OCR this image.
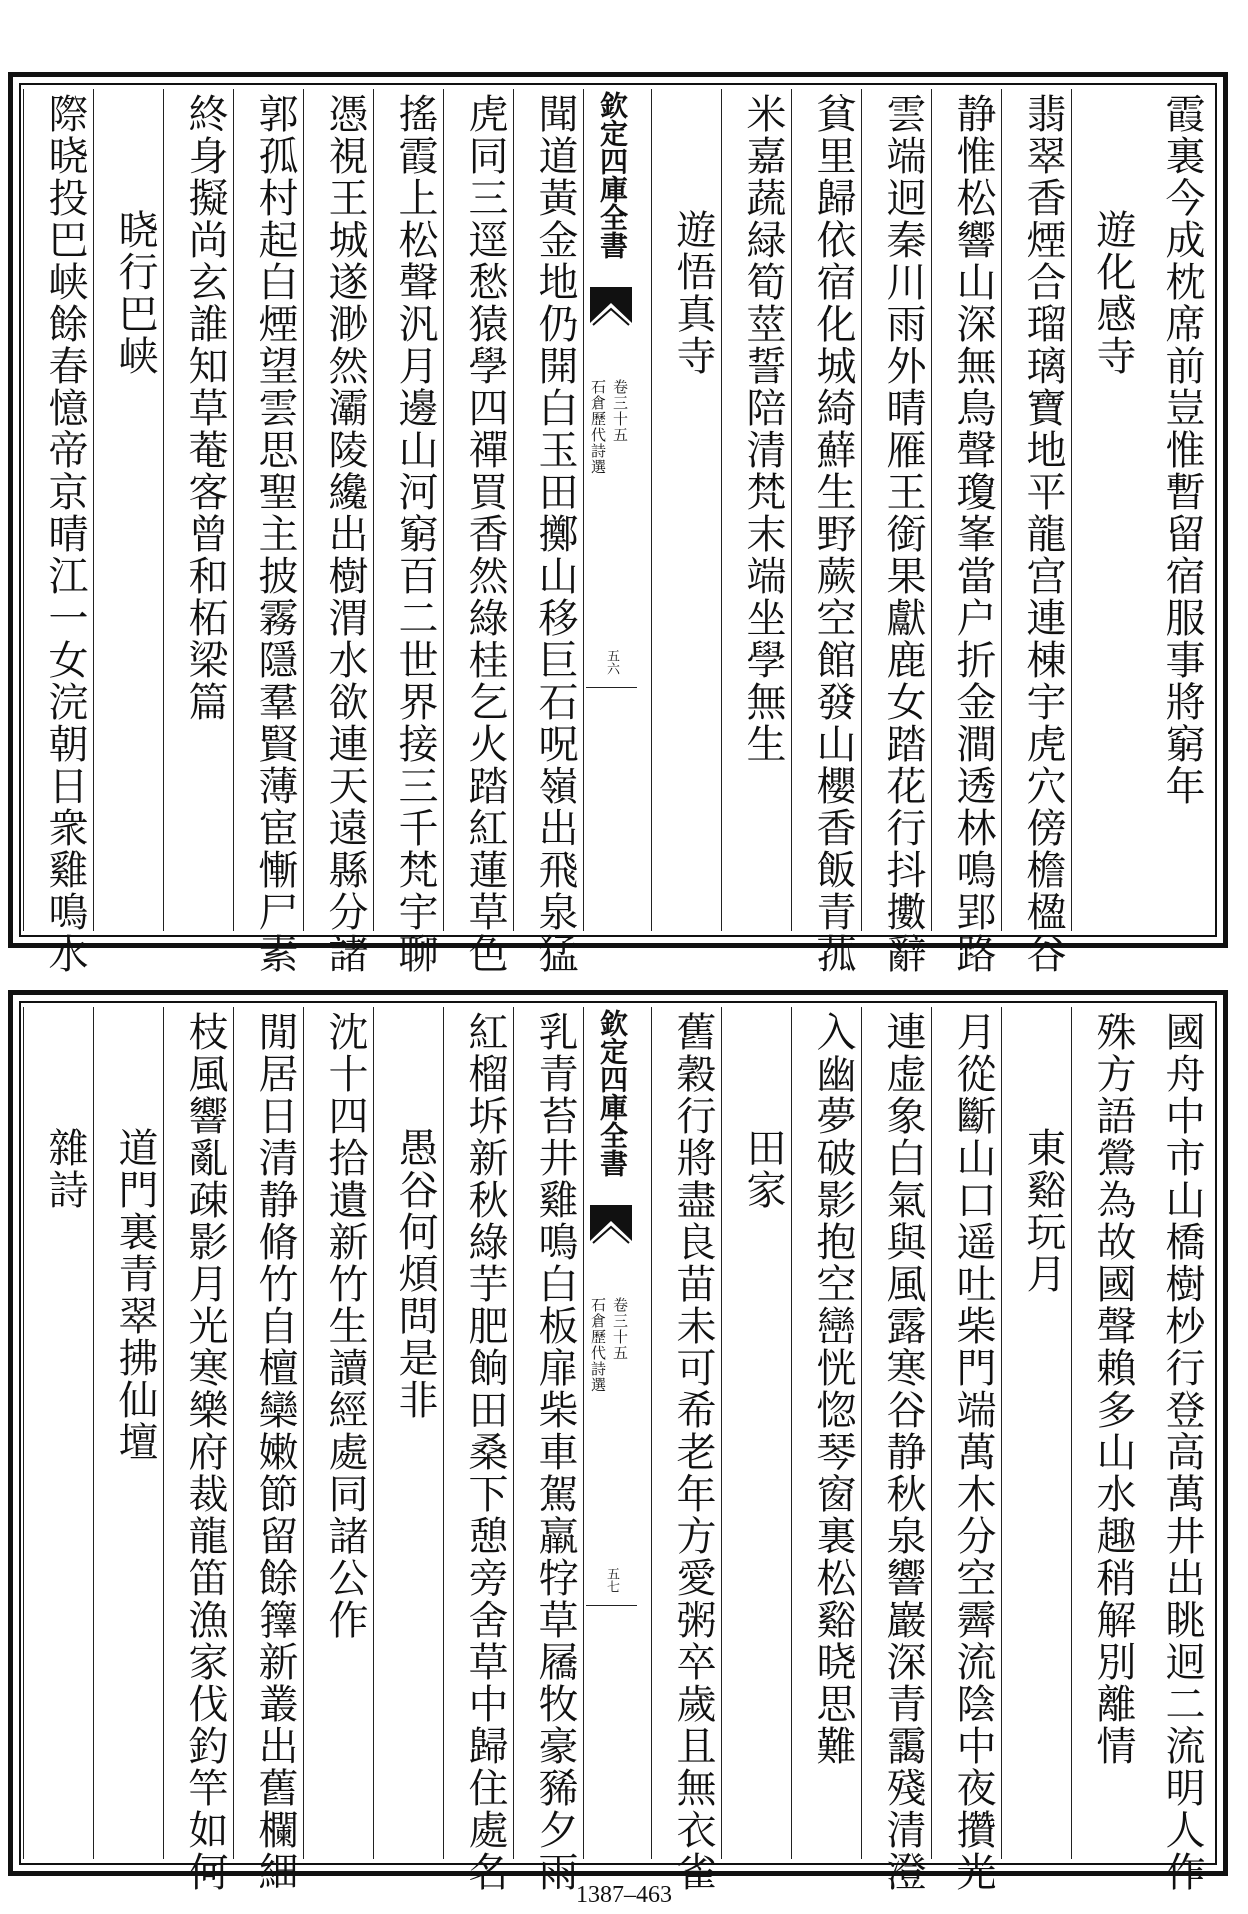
霞裏今成枕席前豈惟暫留宿服事將窮年
遊化感寺
翡翠香煙合瑠璃寶地平龍宫連棟宇虎穴傍檐楹谷
静惟松響山深無鳥聲瓊峯當户折金澗透林鳴郢路
雲端迥秦川雨外晴雁王銜果獻鹿女踏花行抖擻辭
貧里歸依宿化城綺蘚生野蕨空館發山櫻香飯青菰
米嘉蔬緑筍莖誓陪清梵末端坐學無生
遊悟真寺
欽定四庫全書
石倉歷代詩選 卷三十五
五六
聞道黃金地仍開白玉田擲山移巨石呪嶺出飛泉猛
虎同三逕愁猿學四禪買香然綠桂乞火踏紅蓮草色
搖霞上松聲汎月邊山河窮百二世界接三千梵宇聊
憑視王城遂渺然灞陵纔出樹渭水欲連天遠縣分諸
郭孤村起白煙望雲思聖主披霧隱羣賢薄宦慚尸素
終身擬尚玄誰知草菴客曾和柘梁篇
晓行巴峡
際晓投巴峡餘春憶帝京晴江一女浣朝日衆雞鳴水
國舟中市山橋樹杪行登高萬井出眺迥二流明人作
殊方語鶯為故國聲賴多山水趣稍解別離情
東谿玩月
月從斷山口遥吐柴門端萬木分空霽流陰中夜攢光
連虚象白氣與風露寒谷静秋泉響巖深青靄殘清澄
入幽夢破影抱空巒恍惚琴窗裏松谿晓思難
田家
舊穀行將盡良苗未可希老年方愛粥卒歲且無衣雀
欽定四庫全書
石倉歷代詩選 卷三十五
五七
乳青苔井雞鳴白板扉柴車駕羸牸草屩牧豪豨夕雨
紅榴坼新秋綠芋肥餉田桑下憩旁舍草中歸住處名
愚谷何煩問是非
沈十四拾遺新竹生讀經處同諸公作
閒居日清静脩竹自檀欒嫩節留餘籜新叢出舊欄細
枝風響亂疎影月光寒樂府裁龍笛漁家伐釣竿如何
道門裏青翠拂仙壇
雜詩
1387–463
